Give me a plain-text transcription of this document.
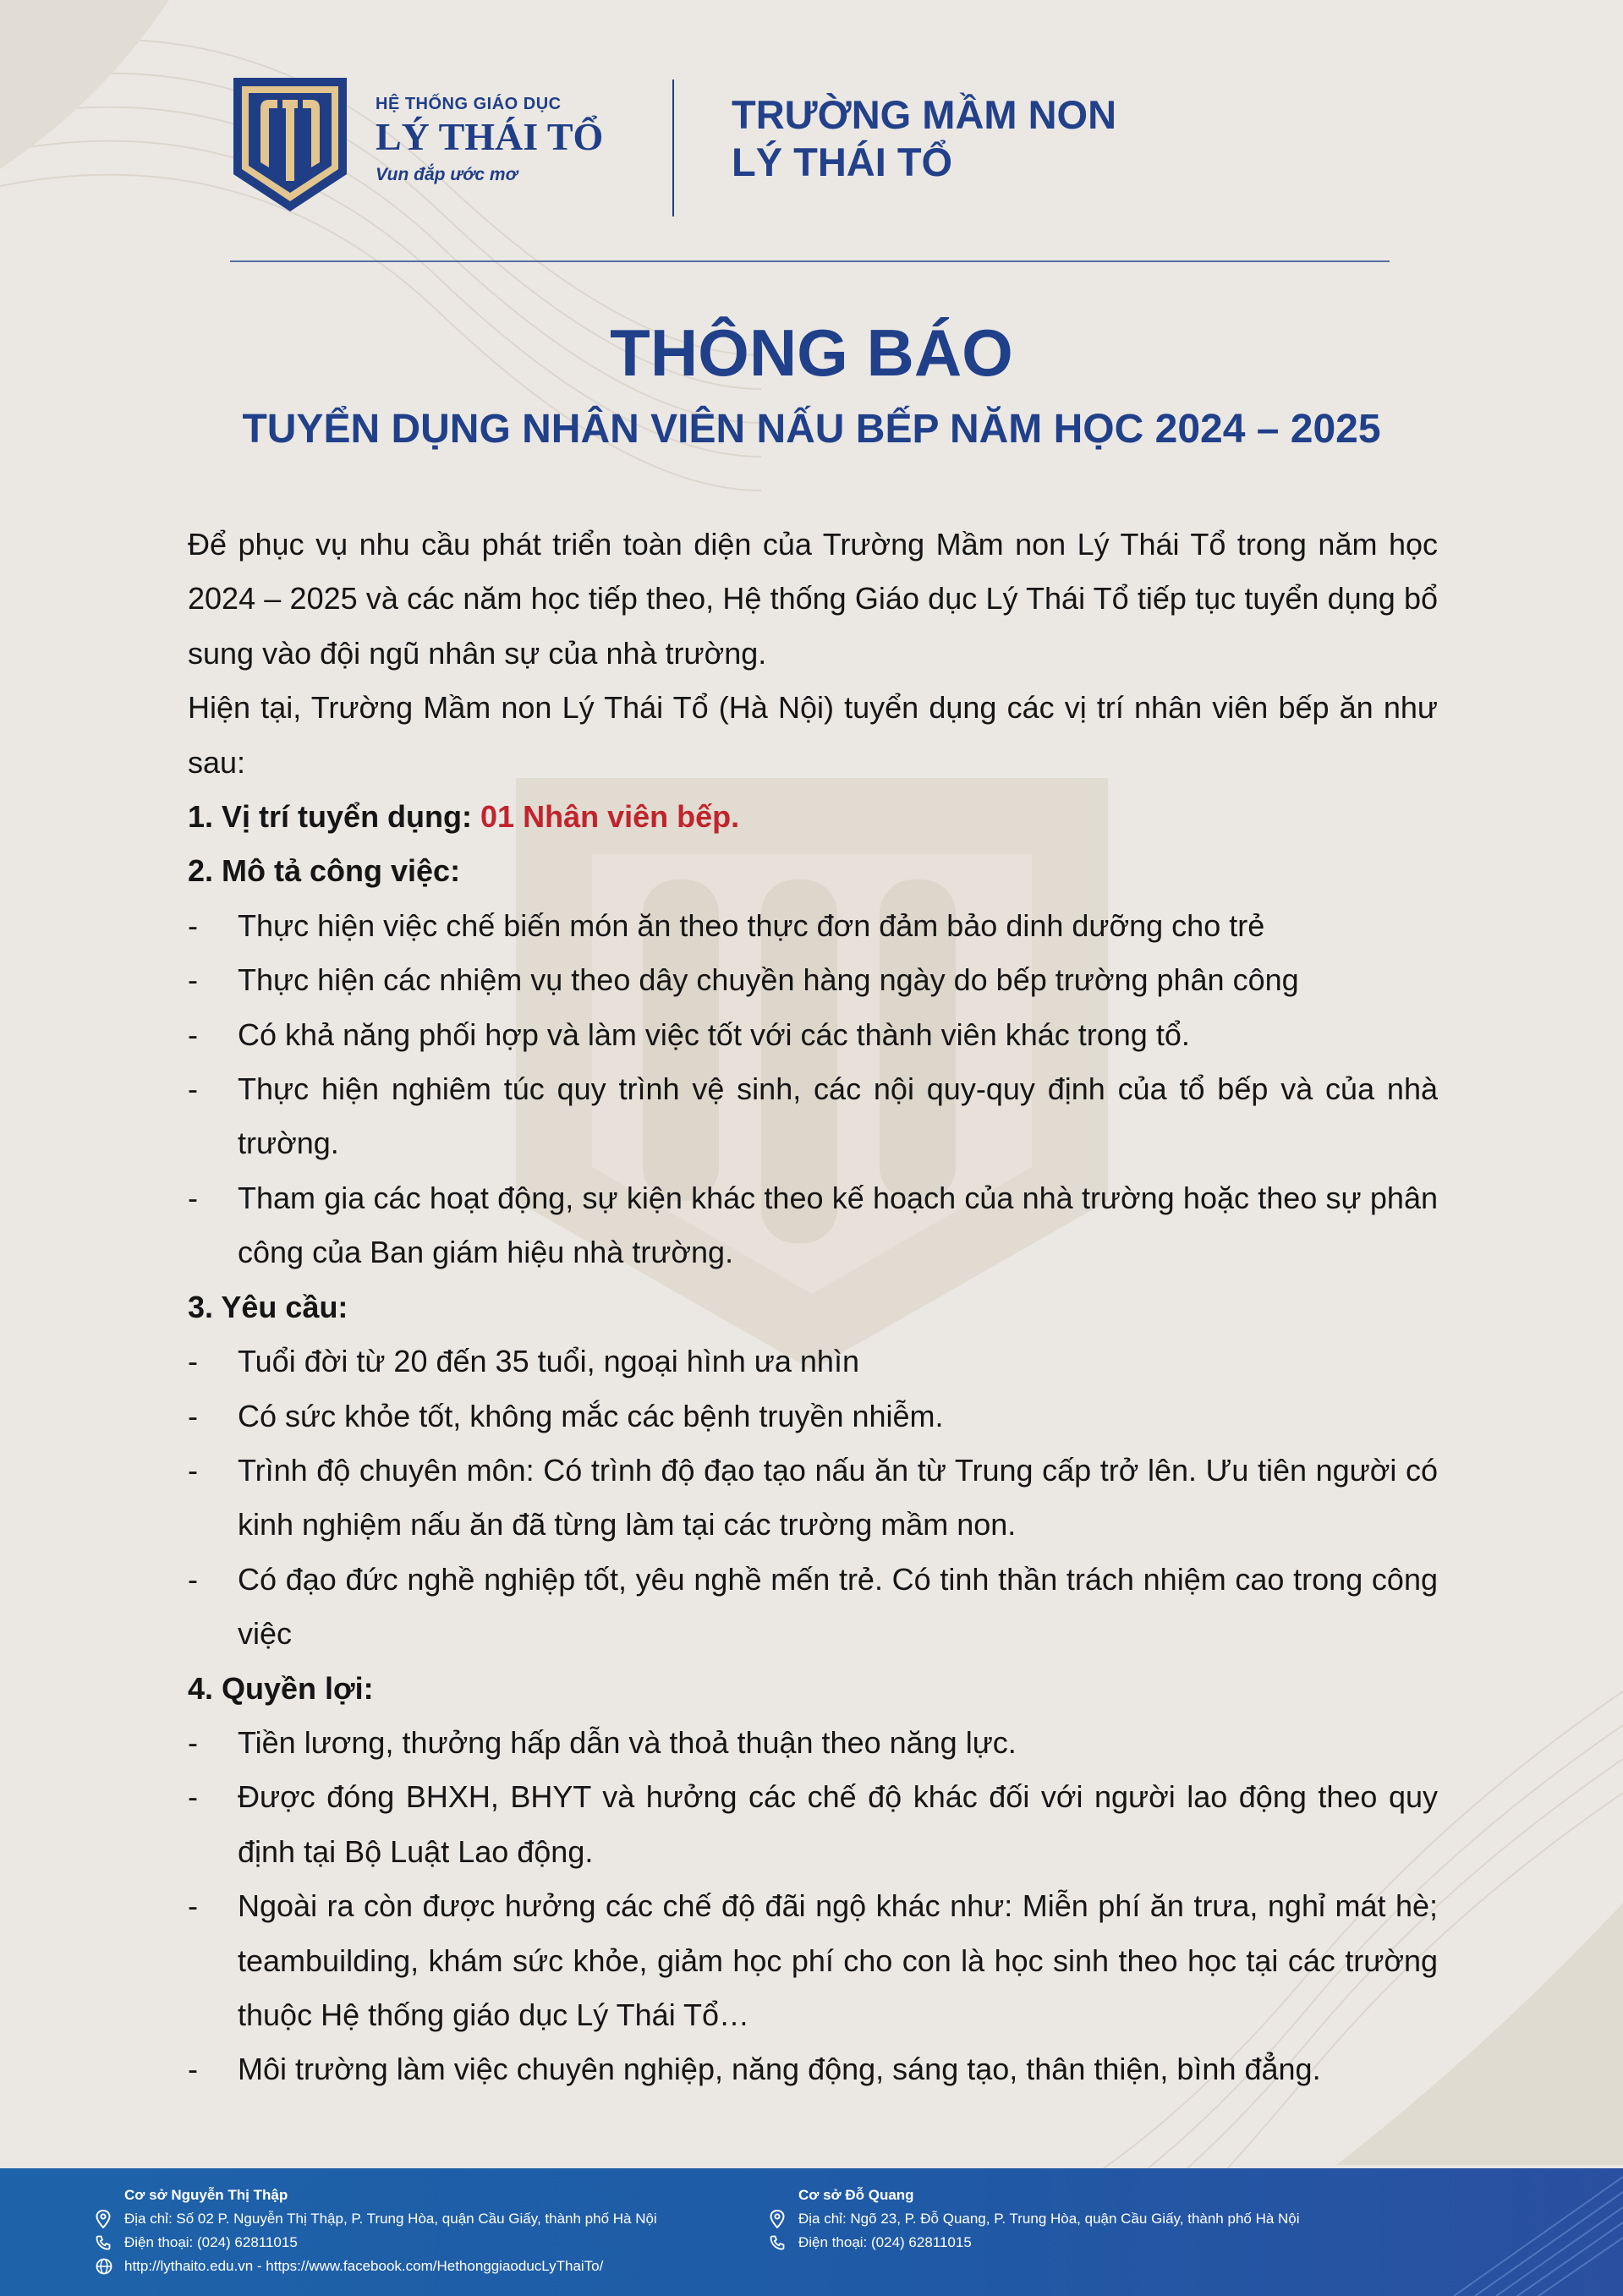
HỆ THỐNG GIÁO DỤC
LÝ THÁI TỔ
Vun đắp ước mơ
TRƯỜNG MẦM NON
LÝ THÁI TỔ
THÔNG BÁO
TUYỂN DỤNG NHÂN VIÊN NẤU BẾP NĂM HỌC 2024 – 2025

Để phục vụ nhu cầu phát triển toàn diện của Trường Mầm non Lý Thái Tổ trong năm học 2024 – 2025 và các năm học tiếp theo, Hệ thống Giáo dục Lý Thái Tổ tiếp tục tuyển dụng bổ sung vào đội ngũ nhân sự của nhà trường.

Hiện tại, Trường Mầm non Lý Thái Tổ (Hà Nội) tuyển dụng các vị trí nhân viên bếp ăn như sau:

1. Vị trí tuyển dụng: 01 Nhân viên bếp.

2. Mô tả công việc:

-	Thực hiện việc chế biến món ăn theo thực đơn đảm bảo dinh dưỡng cho trẻ
-	Thực hiện các nhiệm vụ theo dây chuyền hàng ngày do bếp trường phân công
-	Có khả năng phối hợp và làm việc tốt với các thành viên khác trong tổ.
-	Thực hiện nghiêm túc quy trình vệ sinh, các nội quy-quy định của tổ bếp và của nhà trường.
-	Tham gia các hoạt động, sự kiện khác theo kế hoạch của nhà trường hoặc theo sự phân công của Ban giám hiệu nhà trường.

3. Yêu cầu:

-	Tuổi đời từ 20 đến 35 tuổi, ngoại hình ưa nhìn
-	Có sức khỏe tốt, không mắc các bệnh truyền nhiễm.
-	Trình độ chuyên môn: Có trình độ đạo tạo nấu ăn từ Trung cấp trở lên. Ưu tiên người có kinh nghiệm nấu ăn đã từng làm tại các trường mầm non.
-	Có đạo đức nghề nghiệp tốt, yêu nghề mến trẻ. Có tinh thần trách nhiệm cao trong công việc

4. Quyền lợi:

-	Tiền lương, thưởng hấp dẫn và thoả thuận theo năng lực.
-	Được đóng BHXH, BHYT và hưởng các chế độ khác đối với người lao động theo quy định tại Bộ Luật Lao động.
-	Ngoài ra còn được hưởng các chế độ đãi ngộ khác như: Miễn phí ăn trưa, nghỉ mát hè; teambuilding, khám sức khỏe, giảm học phí cho con là học sinh theo học tại các trường thuộc Hệ thống giáo dục Lý Thái Tổ…
-	Môi trường làm việc chuyên nghiệp, năng động, sáng tạo, thân thiện, bình đẳng.
Cơ sở Nguyễn Thị Thập
Địa chỉ: Số 02 P. Nguyễn Thị Thập, P. Trung Hòa, quận Cầu Giấy, thành phố Hà Nội
Điện thoại: (024) 62811015
http://lythaito.edu.vn - https://www.facebook.com/HethonggiaoducLyThaiTo/
Cơ sở Đỗ Quang
Địa chỉ: Ngõ 23, P. Đỗ Quang, P. Trung Hòa, quận Cầu Giấy, thành phố Hà Nội
Điện thoại: (024) 62811015
